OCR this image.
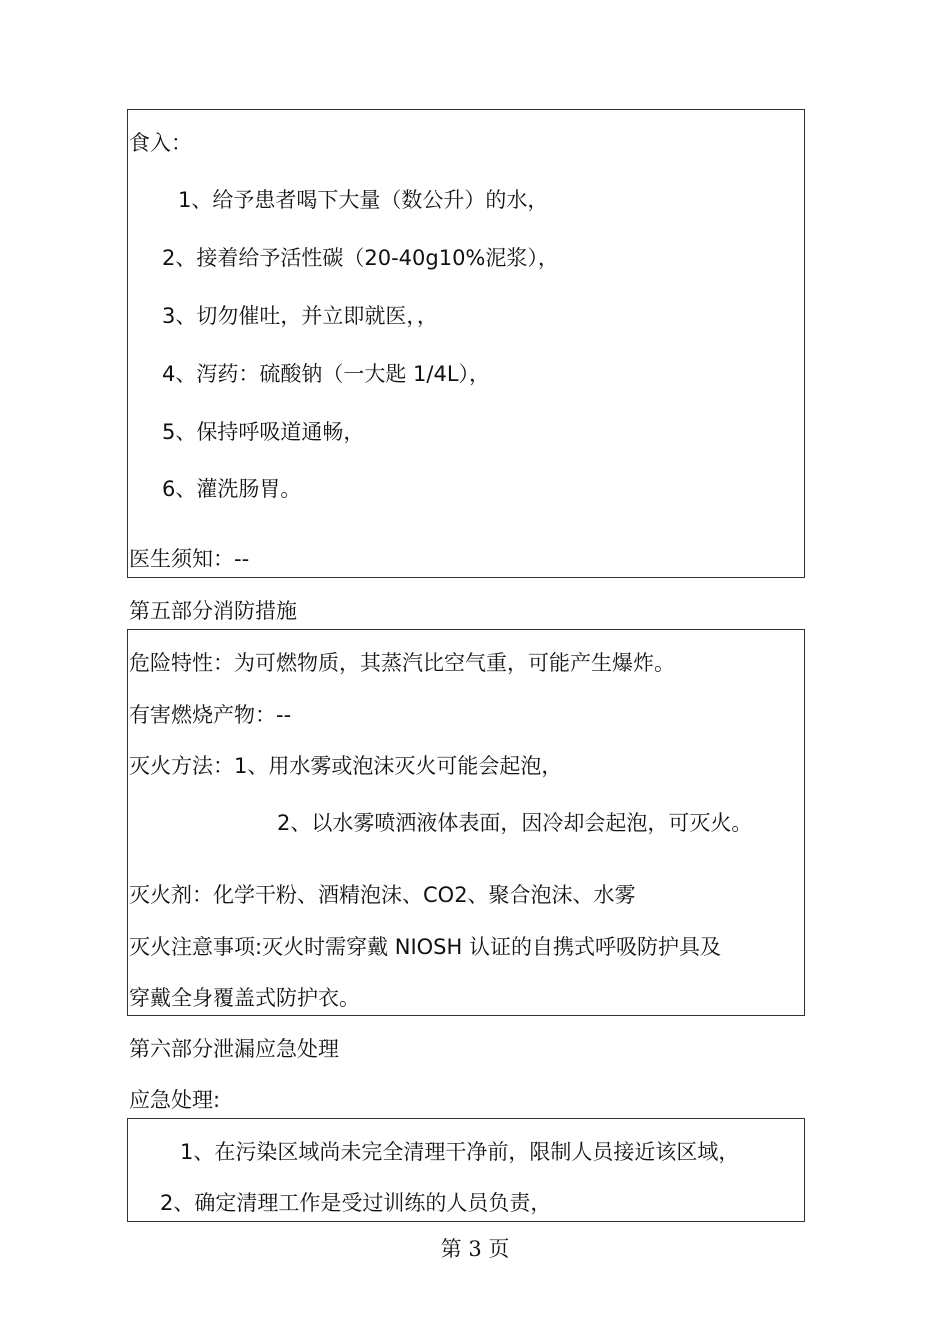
食入：
1、给予患者喝下大量（数公升）的水，
2、接着给予活性碳（20-40g10%泥浆），
3、切勿催吐，并立即就医，，
4、泻药：硫酸钠（一大匙 1/4L），
5、保持呼吸道通畅，
6、灌洗肠胃。
医生须知：--
第五部分消防措施
危险特性：为可燃物质，其蒸汽比空气重，可能产生爆炸。
有害燃烧产物：--
灭火方法：1、用水雾或泡沫灭火可能会起泡，
2、以水雾喷洒液体表面，因冷却会起泡，可灭火。
灭火剂：化学干粉、酒精泡沫、CO2、聚合泡沫、水雾
灭火注意事项:灭火时需穿戴 NIOSH 认证的自携式呼吸防护具及
穿戴全身覆盖式防护衣。
第六部分泄漏应急处理
应急处理:
1、在污染区域尚未完全清理干净前，限制人员接近该区域，
2、确定清理工作是受过训练的人员负责，
第 3 页
